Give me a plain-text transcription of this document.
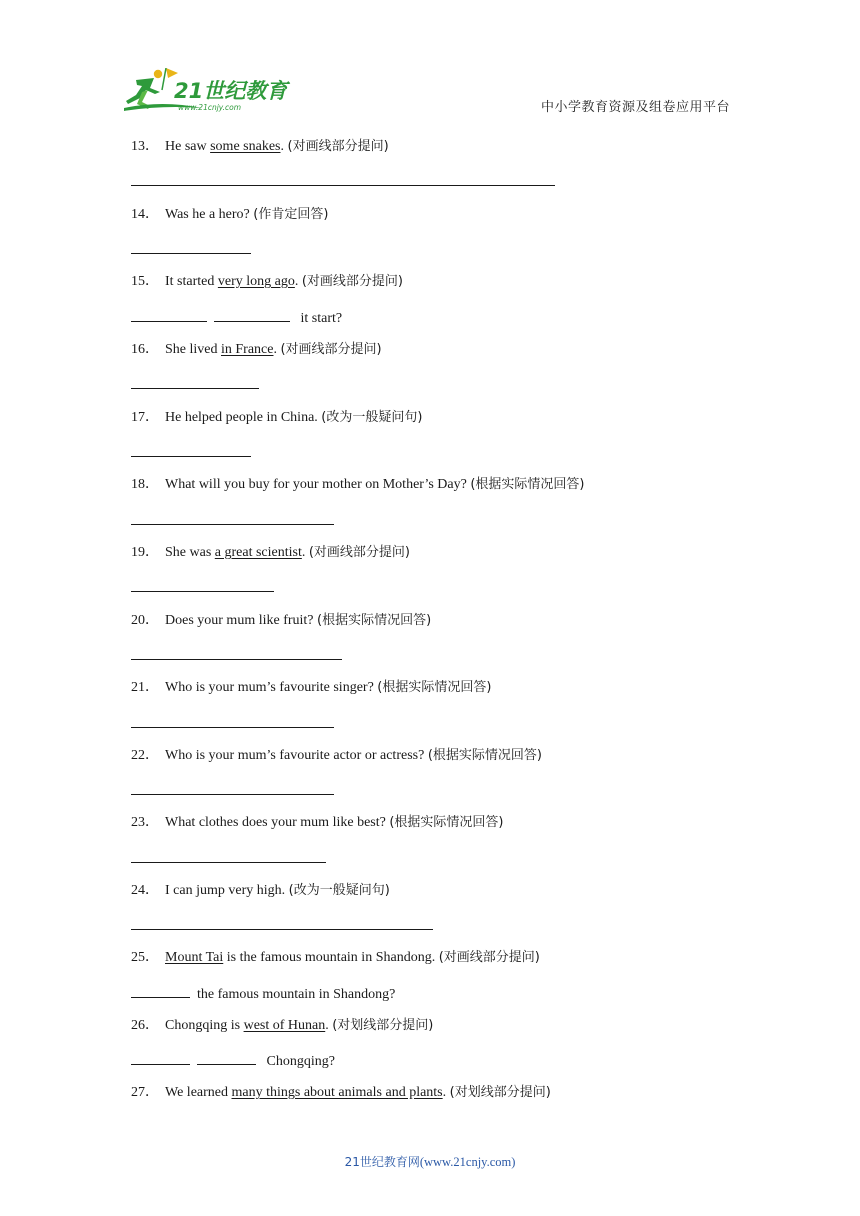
21世纪教育
www.21cnjy.com	中小学教育资源及组卷应用平台
13． He saw some snakes. (对画线部分提问)
14． Was he a hero? (作肯定回答)
15． It started very long ago. (对画线部分提问)
it start?
16． She lived in France. (对画线部分提问)
17． He helped people in China. (改为一般疑问句)
18． What will you buy for your mother on Mother’s Day? (根据实际情况回答)
19． She was a great scientist. (对画线部分提问)
20． Does your mum like fruit? (根据实际情况回答)
21． Who is your mum’s favourite singer? (根据实际情况回答)
22． Who is your mum’s favourite actor or actress? (根据实际情况回答)
23． What clothes does your mum like best? (根据实际情况回答)
24． I can jump very high. (改为一般疑问句)
25． Mount Tai is the famous mountain in Shandong. (对画线部分提问)
the famous mountain in Shandong?
26． Chongqing is west of Hunan. (对划线部分提问)
Chongqing?
27． We learned many things about animals and plants. (对划线部分提问)
21世纪教育网(www.21cnjy.com)
